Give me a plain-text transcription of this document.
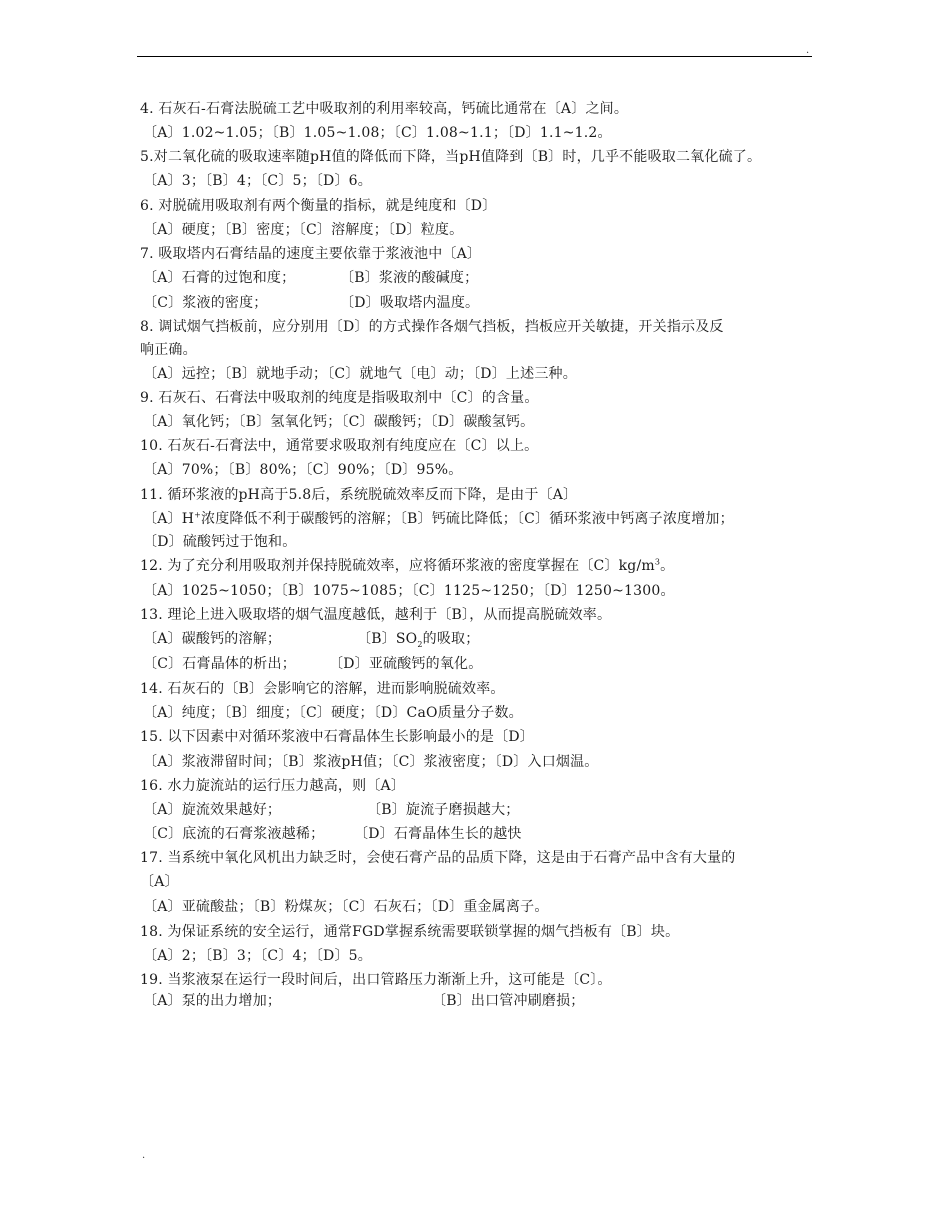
.
4. 石灰石-石膏法脱硫工艺中吸取剂的利用率较高，钙硫比通常在〔A〕之间。
〔A〕1.02~1.05；〔B〕1.05~1.08；〔C〕1.08~1.1；〔D〕1.1~1.2。
5.对二氧化硫的吸取速率随pH值的降低而下降，当pH值降到〔B〕时，几乎不能吸取二氧化硫了。
〔A〕3；〔B〕4；〔C〕5；〔D〕6。
6. 对脱硫用吸取剂有两个衡量的指标，就是纯度和〔D〕
〔A〕硬度；〔B〕密度；〔C〕溶解度；〔D〕粒度。
7. 吸取塔内石膏结晶的速度主要依靠于浆液池中〔A〕
〔A〕石膏的过饱和度；	〔B〕浆液的酸碱度；
〔C〕浆液的密度；	〔D〕吸取塔内温度。
8. 调试烟气挡板前，应分别用〔D〕的方式操作各烟气挡板，挡板应开关敏捷，开关指示及反
响正确。
〔A〕远控；〔B〕就地手动；〔C〕就地气〔电〕动；〔D〕上述三种。
9. 石灰石、石膏法中吸取剂的纯度是指吸取剂中〔C〕的含量。
〔A〕氧化钙；〔B〕氢氧化钙；〔C〕碳酸钙；〔D〕碳酸氢钙。
10. 石灰石-石膏法中，通常要求吸取剂有纯度应在〔C〕以上。
〔A〕70%；〔B〕80%；〔C〕90%；〔D〕95%。
11. 循环浆液的pH高于5.8后，系统脱硫效率反而下降，是由于〔A〕
〔A〕H+浓度降低不利于碳酸钙的溶解；〔B〕钙硫比降低；〔C〕循环浆液中钙离子浓度增加；
〔D〕硫酸钙过于饱和。
12. 为了充分利用吸取剂并保持脱硫效率，应将循环浆液的密度掌握在〔C〕$kg/m^3$。
〔A〕1025~1050；〔B〕1075~1085；〔C〕1125~1250；〔D〕1250~1300。
13. 理论上进入吸取塔的烟气温度越低，越利于〔B〕，从而提高脱硫效率。
〔A〕碳酸钙的溶解；	〔B〕$SO_2$的吸取；
〔C〕石膏晶体的析出； 〔D〕亚硫酸钙的氧化。
14. 石灰石的〔B〕会影响它的溶解，进而影响脱硫效率。
〔A〕纯度；〔B〕细度；〔C〕硬度；〔D〕CaO质量分子数。
15. 以下因素中对循环浆液中石膏晶体生长影响最小的是〔D〕
〔A〕浆液滞留时间；〔B〕浆液pH值；〔C〕浆液密度；〔D〕入口烟温。
16. 水力旋流站的运行压力越高，则〔A〕
〔A〕旋流效果越好；	〔B〕旋流子磨损越大；
〔C〕底流的石膏浆液越稀； 〔D〕石膏晶体生长的越快
17. 当系统中氧化风机出力缺乏时，会使石膏产品的品质下降，这是由于石膏产品中含有大量的
〔A〕
〔A〕亚硫酸盐；〔B〕粉煤灰；〔C〕石灰石；〔D〕重金属离子。
18. 为保证系统的安全运行，通常FGD掌握系统需要联锁掌握的烟气挡板有〔B〕块。
〔A〕2；〔B〕3；〔C〕4；〔D〕5。
19. 当浆液泵在运行一段时间后，出口管路压力渐渐上升，这可能是〔C〕。
〔A〕泵的出力增加；	〔B〕出口管冲刷磨损；
.
